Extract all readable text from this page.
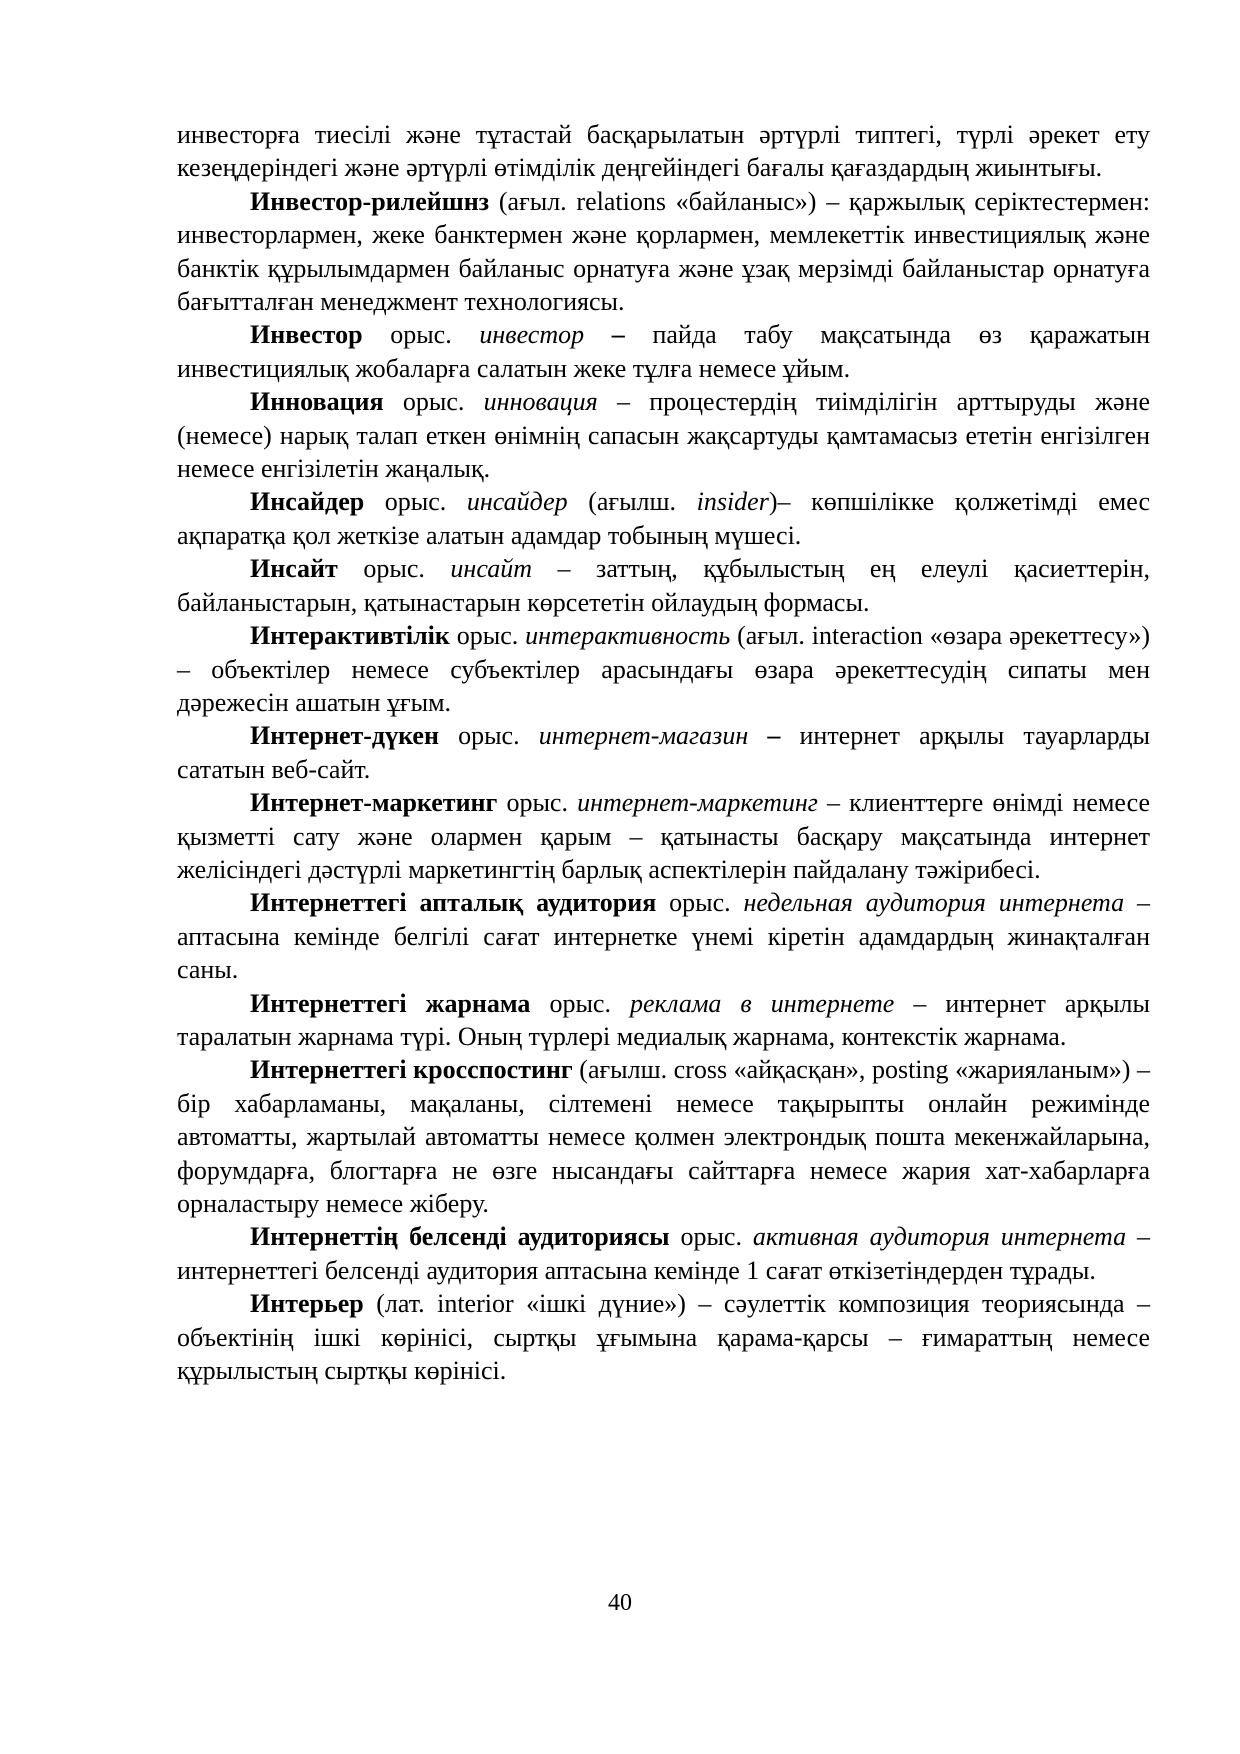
инвесторға тиесілі және тұтастай басқарылатын әртүрлі типтегі, түрлі әрекет ету кезеңдеріндегі және әртүрлі өтімділік деңгейіндегі бағалы қағаздардың жиынтығы.

Инвестор-рилейшнз (ағыл. relations «байланыс») – қаржылық серіктестермен: инвесторлармен, жеке банктермен және қорлармен, мемлекеттік инвестициялық және банктік құрылымдармен байланыс орнатуға және ұзақ мерзімді байланыстар орнатуға бағытталған менеджмент технологиясы.

Инвестор орыс. инвестор – пайда табу мақсатында өз қаражатын инвестициялық жобаларға салатын жеке тұлға немесе ұйым.

Инновация орыс. инновация – процестердің тиімділігін арттыруды және (немесе) нарық талап еткен өнімнің сапасын жақсартуды қамтамасыз ететін енгізілген немесе енгізілетін жаңалық.

Инсайдер орыс. инсайдер (ағылш. insider)– көпшілікке қолжетімді емес ақпаратқа қол жеткізе алатын адамдар тобының мүшесі.

Инсайт орыс. инсайт – заттың, құбылыстың ең елеулі қасиеттерін, байланыстарын, қатынастарын көрсететін ойлаудың формасы.

Интерактивтілік орыс. интерактивность (ағыл. interaction «өзара әрекеттесу») – объектілер немесе субъектілер арасындағы өзара әрекеттесудің сипаты мен дәрежесін ашатын ұғым.

Интернет-дүкен орыс. интернет-магазин – интернет арқылы тауарларды сататын веб-сайт.

Интернет-маркетинг орыс. интернет-маркетинг – клиенттерге өнімді немесе қызметті сату және олармен қарым – қатынасты басқару мақсатында интернет желісіндегі дәстүрлі маркетингтің барлық аспектілерін пайдалану тәжірибесі.

Интернеттегі апталық аудитория орыс. недельная аудитория интернета – аптасына кемінде белгілі сағат интернетке үнемі кіретін адамдардың жинақталған саны.

Интернеттегі жарнама орыс. реклама в интернете – интернет арқылы таралатын жарнама түрі. Оның түрлері медиалық жарнама, контекстік жарнама.

Интернеттегі кросспостинг (ағылш. cross «айқасқан», posting «жарияланым») – бір хабарламаны, мақаланы, сілтемені немесе тақырыпты онлайн режимінде автоматты, жартылай автоматты немесе қолмен электрондық пошта мекенжайларына, форумдарға, блогтарға не өзге нысандағы сайттарға немесе жария хат-хабарларға орналастыру немесе жіберу.

Интернеттің белсенді аудиториясы орыс. активная аудитория интернета – интернеттегі белсенді аудитория аптасына кемінде 1 сағат өткізетіндерден тұрады.

Интерьер (лат. interior «ішкі дүние») – сәулеттік композиция теориясында – объектінің ішкі көрінісі, сыртқы ұғымына қарама-қарсы – ғимараттың немесе құрылыстың сыртқы көрінісі.

40
